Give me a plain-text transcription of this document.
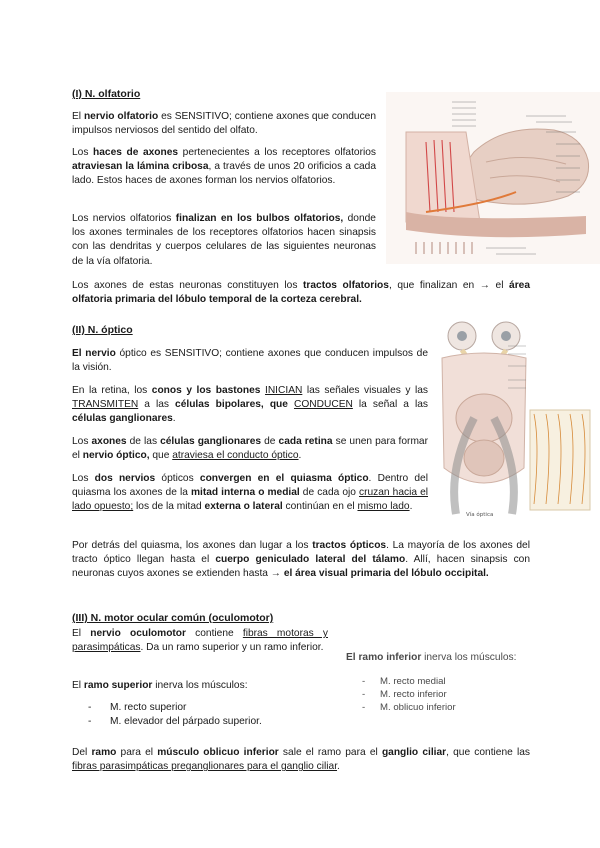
(I) N. olfatorio

El nervio olfatorio es SENSITIVO; contiene axones que conducen impulsos nerviosos del sentido del olfato.

Los haces de axones pertenecientes a los receptores olfatorios atraviesan la lámina cribosa, a través de unos 20 orificios a cada lado. Estos haces de axones forman los nervios olfatorios.

Los nervios olfatorios finalizan en los bulbos olfatorios, donde los axones terminales de los receptores olfatorios hacen sinapsis con las dendritas y cuerpos celulares de las siguientes neuronas de la vía olfatoria.

Los axones de estas neuronas constituyen los tractos olfatorios, que finalizan en → el área olfatoria primaria del lóbulo temporal de la corteza cerebral.

(II) N. óptico

El nervio óptico es SENSITIVO; contiene axones que conducen impulsos de la visión.

En la retina, los conos y los bastones INICIAN las señales visuales y las TRANSMITEN a las células bipolares, que CONDUCEN la señal a las células ganglionares.

Los axones de las células ganglionares de cada retina se unen para formar el nervio óptico, que atraviesa el conducto óptico.

Los dos nervios ópticos convergen en el quiasma óptico. Dentro del quiasma los axones de la mitad interna o medial de cada ojo cruzan hacia el lado opuesto; los de la mitad externa o lateral continúan en el mismo lado.

Por detrás del quiasma, los axones dan lugar a los tractos ópticos. La mayoría de los axones del tracto óptico llegan hasta el cuerpo geniculado lateral del tálamo. Allí, hacen sinapsis con neuronas cuyos axones se extienden hasta → el área visual primaria del lóbulo occipital.

Vía óptica

(III) N. motor ocular común (oculomotor)

El nervio oculomotor contiene fibras motoras y parasimpáticas. Da un ramo superior y un ramo inferior.

El ramo superior inerva los músculos:

- M. recto superior
- M. elevador del párpado superior.

El ramo inferior inerva los músculos:

- M. recto medial
- M. recto inferior
- M. oblicuo inferior

Del ramo para el músculo oblicuo inferior sale el ramo para el ganglio ciliar, que contiene las fibras parasimpáticas preganglionares para el ganglio ciliar.
